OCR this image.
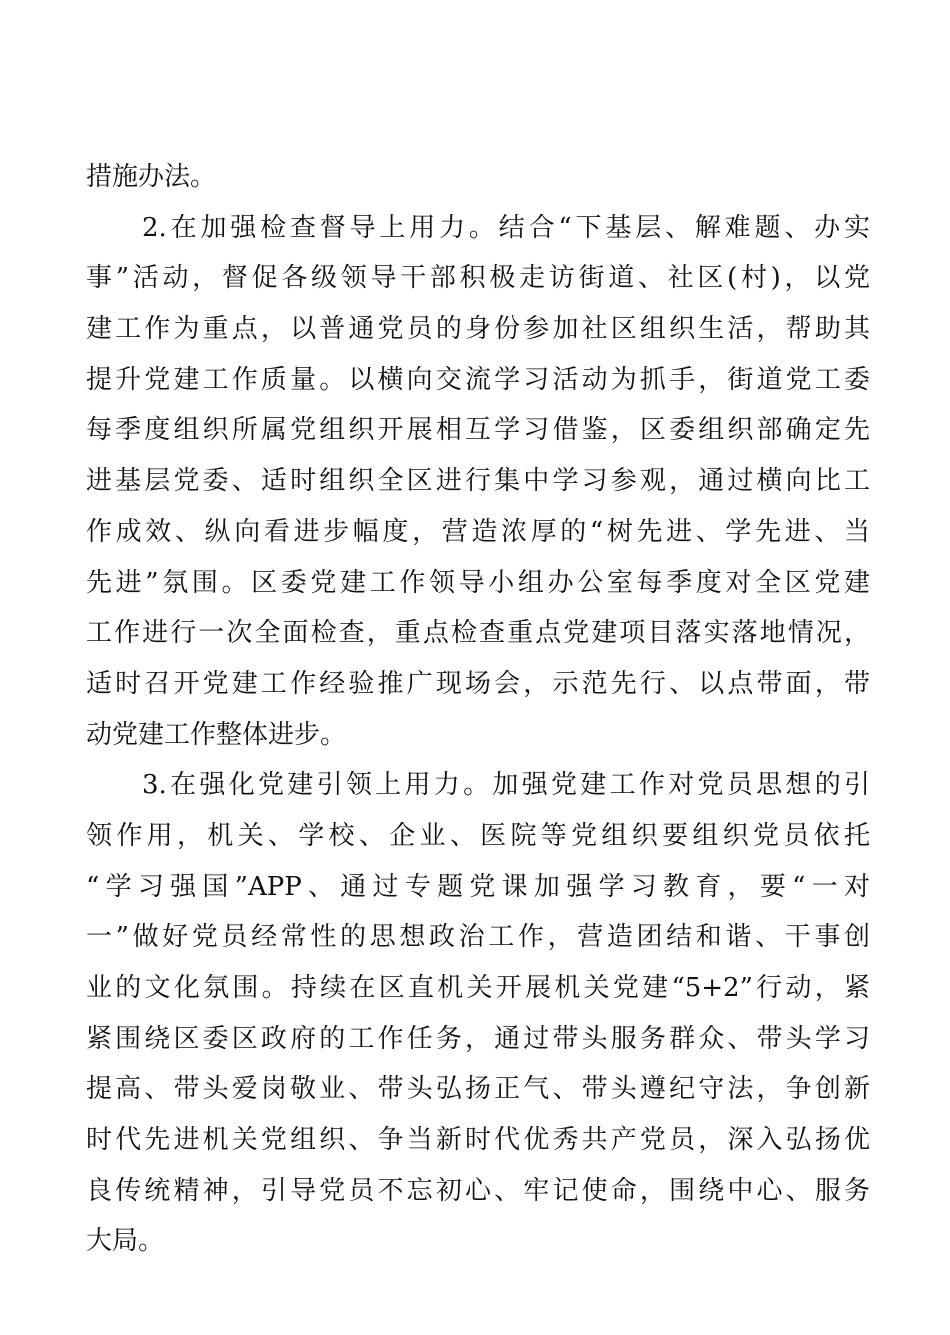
措施办法。
2.在加强检查督导上用力。结合“下基层、解难题、办实
事”活动，督促各级领导干部积极走访街道、社区(村)，以党
建工作为重点，以普通党员的身份参加社区组织生活，帮助其
提升党建工作质量。以横向交流学习活动为抓手，街道党工委
每季度组织所属党组织开展相互学习借鉴，区委组织部确定先
进基层党委、适时组织全区进行集中学习参观，通过横向比工
作成效、纵向看进步幅度，营造浓厚的“树先进、学先进、当
先进”氛围。区委党建工作领导小组办公室每季度对全区党建
工作进行一次全面检查，重点检查重点党建项目落实落地情况，
适时召开党建工作经验推广现场会，示范先行、以点带面，带
动党建工作整体进步。
3.在强化党建引领上用力。加强党建工作对党员思想的引
领作用，机关、学校、企业、医院等党组织要组织党员依托
“学习强国”APP、通过专题党课加强学习教育，要“一对
一”做好党员经常性的思想政治工作，营造团结和谐、干事创
业的文化氛围。持续在区直机关开展机关党建“5+2”行动，紧
紧围绕区委区政府的工作任务，通过带头服务群众、带头学习
提高、带头爱岗敬业、带头弘扬正气、带头遵纪守法，争创新
时代先进机关党组织、争当新时代优秀共产党员，深入弘扬优
良传统精神，引导党员不忘初心、牢记使命，围绕中心、服务
大局。
